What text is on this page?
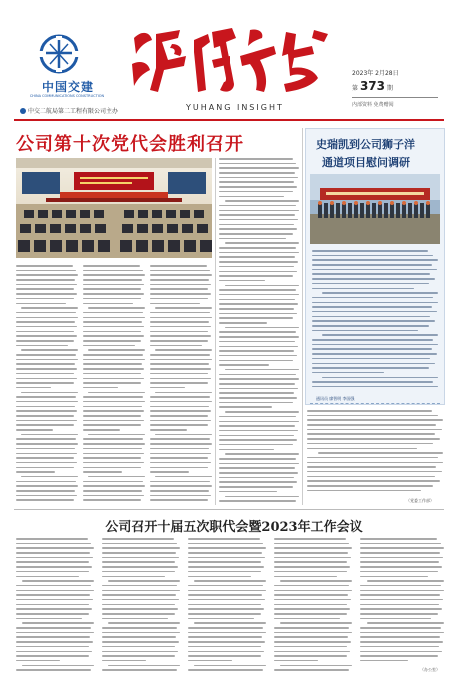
中国交建
CHINA COMMUNICATIONS CONSTRUCTION
中交二航局第二工程有限公司主办	YUHANG INSIGHT
2023年 2月28日
第 373 期
内部资料 免费赠阅
公司第十次党代会胜利召开	史瑞凯到公司狮子洋
通道项目慰问调研
通讯员 廖智明 李国强
（党委工作部）
公司召开十届五次职代会暨2023年工作会议
（办公室）
